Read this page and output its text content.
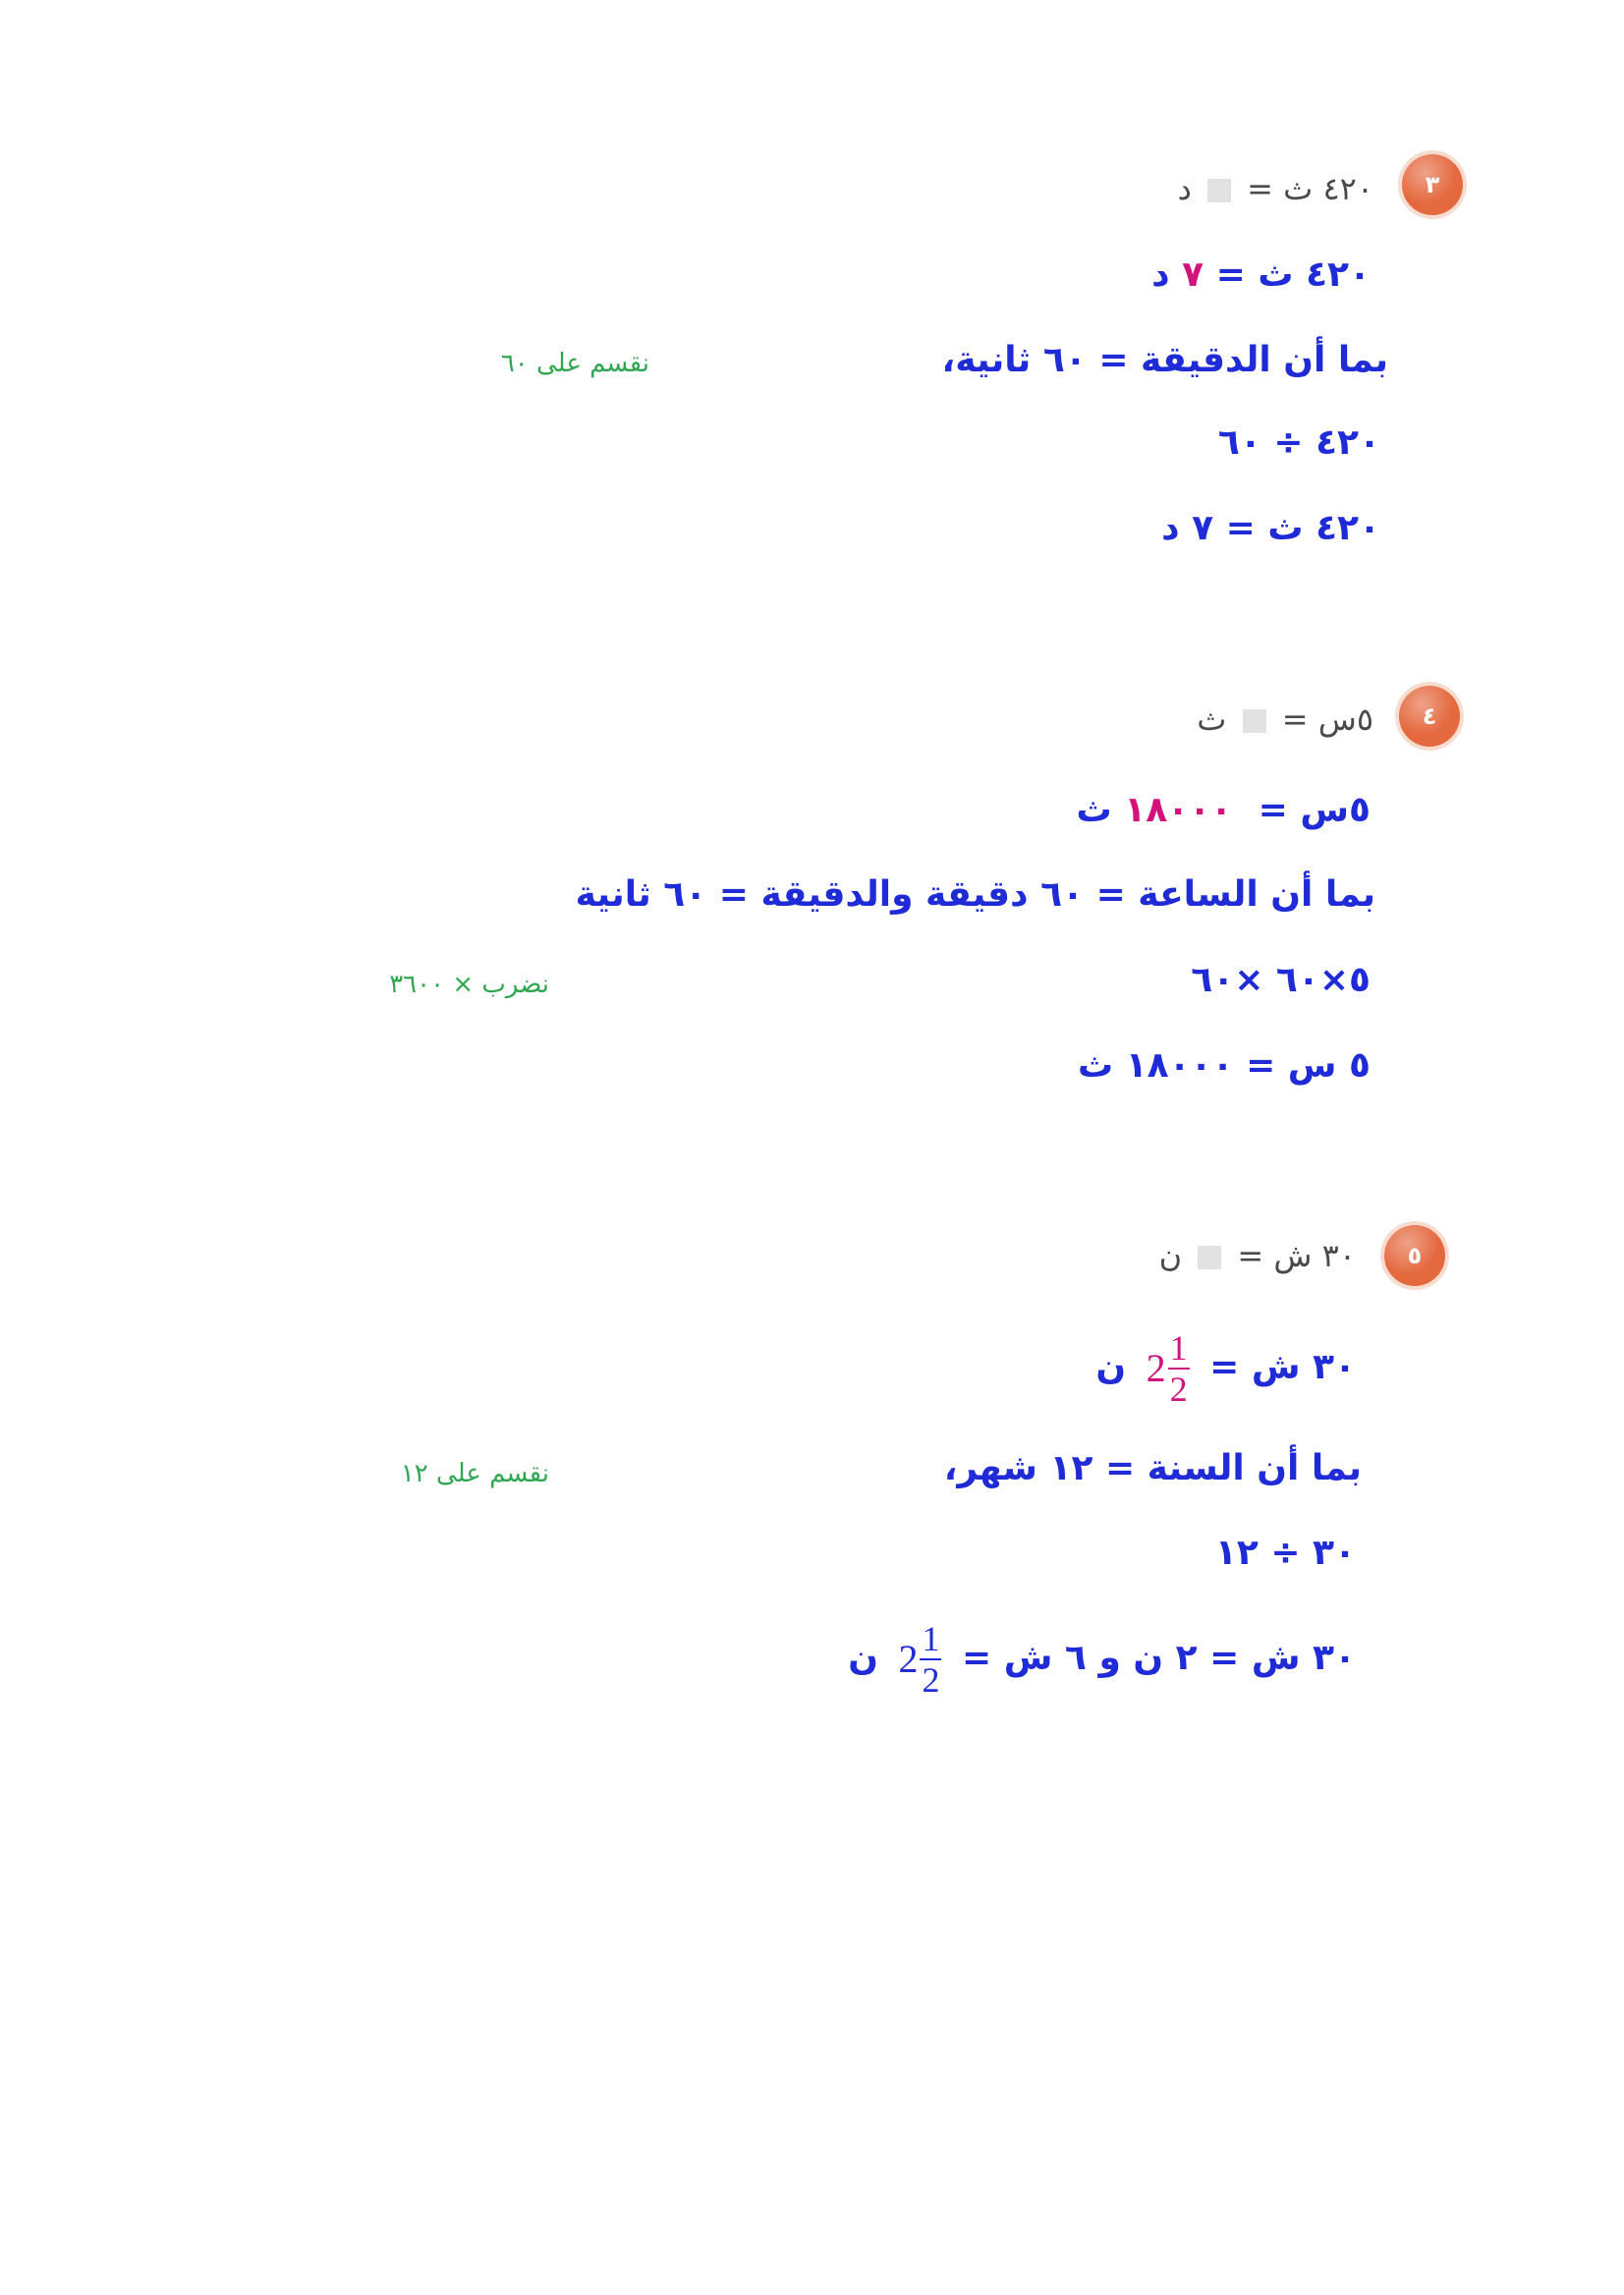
٣
٤٢٠ ث =  د
٤٢٠ ث = ٧ د
بما أن الدقيقة = ٦٠ ثانية،
نقسم على ٦٠
٤٢٠ ÷ ٦٠
٤٢٠ ث = ٧ د
٤
٥س =  ث
٥س = ١٨٠٠٠ ث
بما أن الساعة = ٦٠ دقيقة والدقيقة = ٦٠ ثانية
٥×٦٠ ×٦٠
نضرب × ٣٦٠٠
٥ س = ١٨٠٠٠ ث
٥
٣٠ ش =  ن
٣٠ ش =
$2 \frac{1}{2}$
ن
بما أن السنة = ١٢ شهر،
نقسم على ١٢
٣٠ ÷ ١٢
٣٠ ش = ٢ ن و ٦ ش =
$2 \frac{1}{2}$
ن
